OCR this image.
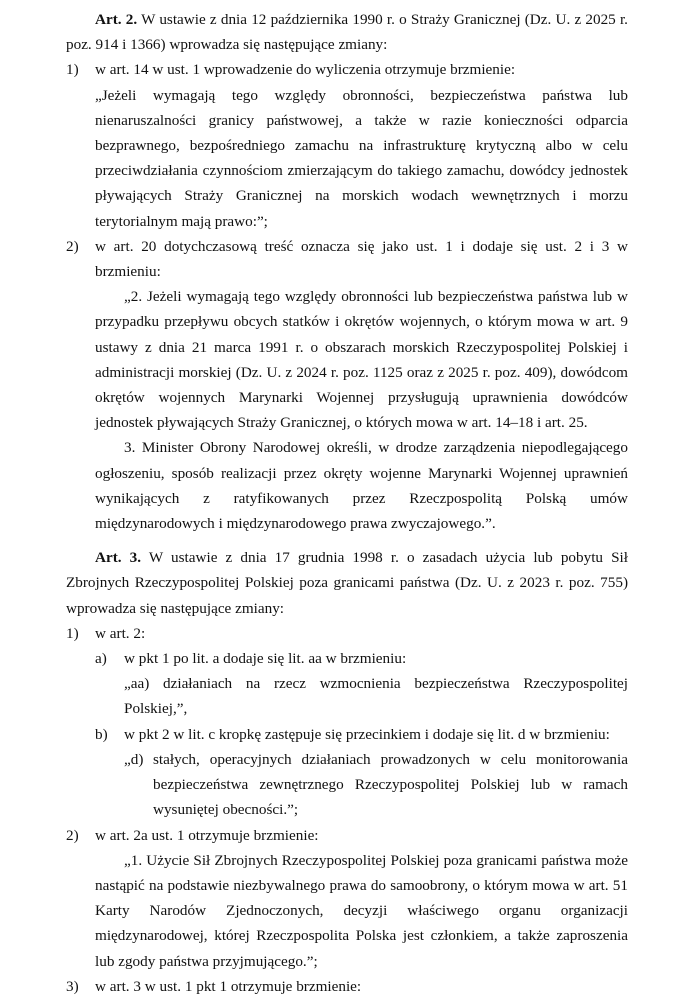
Art. 2. W ustawie z dnia 12 października 1990 r. o Straży Granicznej (Dz. U. z 2025 r. poz. 914 i 1366) wprowadza się następujące zmiany:

1)	w art. 14 w ust. 1 wprowadzenie do wyliczenia otrzymuje brzmienie:

„Jeżeli wymagają tego względy obronności, bezpieczeństwa państwa lub nienaruszalności granicy państwowej, a także w razie konieczności odparcia bezprawnego, bezpośredniego zamachu na infrastrukturę krytyczną albo w celu przeciwdziałania czynnościom zmierzającym do takiego zamachu, dowódcy jednostek pływających Straży Granicznej na morskich wodach wewnętrznych i morzu terytorialnym mają prawo:”;

2)	w art. 20 dotychczasową treść oznacza się jako ust. 1 i dodaje się ust. 2 i 3 w brzmieniu:

„2. Jeżeli wymagają tego względy obronności lub bezpieczeństwa państwa lub w przypadku przepływu obcych statków i okrętów wojennych, o którym mowa w art. 9 ustawy z dnia 21 marca 1991 r. o obszarach morskich Rzeczypospolitej Polskiej i administracji morskiej (Dz. U. z 2024 r. poz. 1125 oraz z 2025 r. poz. 409), dowódcom okrętów wojennych Marynarki Wojennej przysługują uprawnienia dowódców jednostek pływających Straży Granicznej, o których mowa w art. 14–18 i art. 25.

3. Minister Obrony Narodowej określi, w drodze zarządzenia niepodlegającego ogłoszeniu, sposób realizacji przez okręty wojenne Marynarki Wojennej uprawnień wynikających z ratyfikowanych przez Rzeczpospolitą Polską umów międzynarodowych i międzynarodowego prawa zwyczajowego.”.

Art. 3. W ustawie z dnia 17 grudnia 1998 r. o zasadach użycia lub pobytu Sił Zbrojnych Rzeczypospolitej Polskiej poza granicami państwa (Dz. U. z 2023 r. poz. 755) wprowadza się następujące zmiany:

1)	w art. 2:
a)	w pkt 1 po lit. a dodaje się lit. aa w brzmieniu:

„aa) działaniach na rzecz wzmocnienia bezpieczeństwa Rzeczypospolitej Polskiej,”,

b)	w pkt 2 w lit. c kropkę zastępuje się przecinkiem i dodaje się lit. d w brzmieniu:
„d) stałych, operacyjnych działaniach prowadzonych w celu monitorowania bezpieczeństwa zewnętrznego Rzeczypospolitej Polskiej lub w ramach wysuniętej obecności.”;
2)	w art. 2a ust. 1 otrzymuje brzmienie:

„1. Użycie Sił Zbrojnych Rzeczypospolitej Polskiej poza granicami państwa może nastąpić na podstawie niezbywalnego prawa do samoobrony, o którym mowa w art. 51 Karty Narodów Zjednoczonych, decyzji właściwego organu organizacji międzynarodowej, której Rzeczpospolita Polska jest członkiem, a także zaproszenia lub zgody państwa przyjmującego.”;

3)	w art. 3 w ust. 1 pkt 1 otrzymuje brzmienie:
